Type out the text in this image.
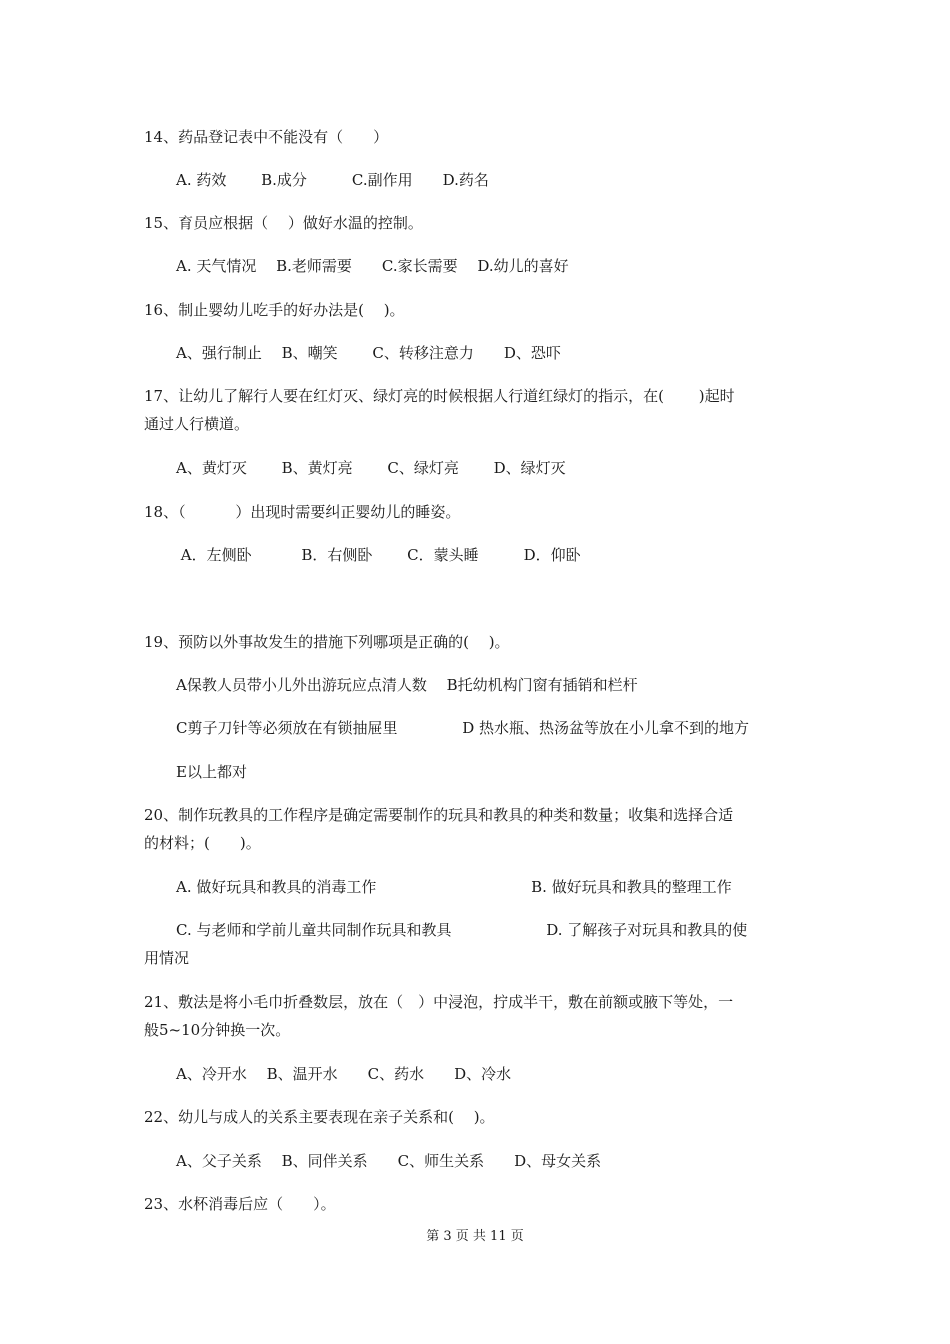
14、药品登记表中不能没有（　　）
A. 药效　　 B.成分　　　C.副作用　　D.药名
15、育员应根据（　 ）做好水温的控制。
A. 天气情况　 B.老师需要　　C.家长需要　 D.幼儿的喜好
16、制止婴幼儿吃手的好办法是(　 )。
A、强行制止　 B、嘲笑　　 C、转移注意力　　D、恐吓
17、让幼儿了解行人要在红灯灭、绿灯亮的时候根据人行道红绿灯的指示，在(　　 )起时
通过人行横道。
A、黄灯灭　　 B、黄灯亮　　 C、绿灯亮　　 D、绿灯灭
18、（　　　 ）出现时需要纠正婴幼儿的睡姿。
A．左侧卧　　　 B．右侧卧　　 C．蒙头睡　　　D．仰卧
19、预防以外事故发生的措施下列哪项是正确的(　 )。
A保教人员带小儿外出游玩应点清人数　 B托幼机构门窗有插销和栏杆
C剪子刀针等必须放在有锁抽屉里　　　　 D 热水瓶、热汤盆等放在小儿拿不到的地方
E以上都对
20、制作玩教具的工作程序是确定需要制作的玩具和教具的种类和数量；收集和选择合适
的材料；(　　)。
A. 做好玩具和教具的消毒工作　　　　　　　　　　 B. 做好玩具和教具的整理工作
C. 与老师和学前儿童共同制作玩具和教具　　　　　　 D. 了解孩子对玩具和教具的使
用情况
21、敷法是将小毛巾折叠数层，放在（　）中浸泡，拧成半干，敷在前额或腋下等处，一
般5~10分钟换一次。
A、冷开水　 B、温开水　　C、药水　　D、冷水
22、幼儿与成人的关系主要表现在亲子关系和(　 )。
A、父子关系　 B、同伴关系　　C、师生关系　　D、母女关系
23、水杯消毒后应（　　）。
第 3 页 共 11 页
